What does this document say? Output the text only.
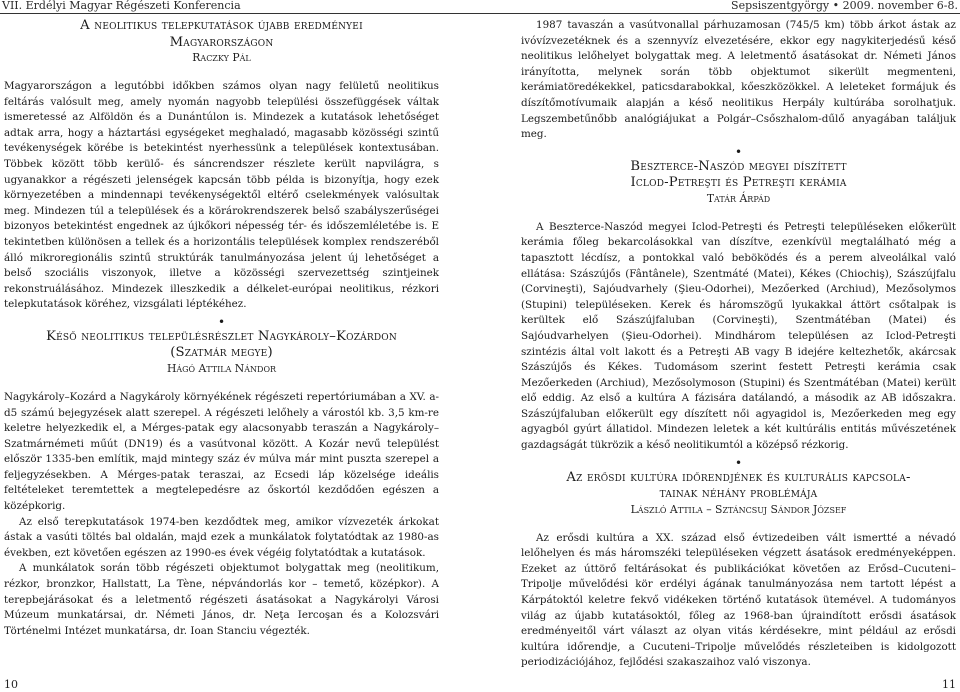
VII. Erdélyi Magyar Régészeti Konferencia	Sepsiszentgyörgy • 2009. november 6-8.
A neolitikus telepkutatások újabb eredményei
Magyarországon
Raczky Pál

Magyarországon a legutóbbi időkben számos olyan nagy felületű neolitikus feltárás valósult meg, amely nyomán nagyobb települési összefüggések váltak ismeretessé az Alföldön és a Dunántúlon is. Mindezek a kutatások lehetőséget adtak arra, hogy a háztartási egységeket meghaladó, magasabb közösségi szintű tevékenységek körébe is betekintést nyerhessünk a települések kontextusában. Többek között több kerülő- és sáncrendszer részlete került napvilágra, s ugyanakkor a régészeti jelenségek kapcsán több példa is bizonyítja, hogy ezek környezetében a mindennapi tevékenységektől eltérő cselekmények valósultak meg. Mindezen túl a települések és a körárokrendszerek belső szabályszerűségei bizonyos betekintést engednek az újkőkori népesség tér- és időszemléletébe is. E tekintetben különösen a tellek és a horizontális települések komplex rendszeréből álló mikroregionális szintű struktúrák tanulmányozása jelent új lehetőséget a belső szociális viszonyok, illetve a közösségi szervezettség szintjeinek rekonstruálásához. Mindezek illeszkedik a délkelet-európai neolitikus, rézkori telepkutatások köréhez, vizsgálati léptékéhez.

•
Késő neolitikus településrészlet Nagykároly–Kozárdon
(Szatmár megye)
Hágó Attila Nándor

Nagykároly–Kozárd a Nagykároly környékének régészeti repertóriumában a XV. a-d5 számú bejegyzések alatt szerepel. A régészeti lelőhely a várostól kb. 3,5 km-re keletre helyezkedik el, a Mérges-patak egy alacsonyabb teraszán a Nagykároly–Szatmárnémeti műút (DN19) és a vasútvonal között. A Kozár nevű települést először 1335-ben említik, majd mintegy száz év múlva már mint puszta szerepel a feljegyzésekben. A Mérges-patak teraszai, az Ecsedi láp közelsége ideális feltételeket teremtettek a megtelepedésre az őskortól kezdődően egészen a középkorig.

Az első terepkutatások 1974-ben kezdődtek meg, amikor vízvezeték árkokat ástak a vasúti töltés bal oldalán, majd ezek a munkálatok folytatódtak az 1980-as években, ezt követően egészen az 1990-es évek végéig folytatódtak a kutatások.

A munkálatok során több régészeti objektumot bolygattak meg (neolitikum, rézkor, bronzkor, Hallstatt, La Tène, népvándorlás kor – temető, középkor). A terepbejárásokat és a leletmentő régészeti ásatásokat a Nagykárolyi Városi Múzeum munkatársai, dr. Németi János, dr. Neţa Iercoşan és a Kolozsvári Történelmi Intézet munkatársa, dr. Ioan Stanciu végezték.

1987 tavaszán a vasútvonallal párhuzamosan (745/5 km) több árkot ástak az ivóvízvezetéknek és a szennyvíz elvezetésére, ekkor egy nagykiterjedésű késő neolitikus lelőhelyet bolygattak meg. A leletmentő ásatásokat dr. Németi János irányította, melynek során több objektumot sikerült megmenteni, kerámiatöredékekkel, paticsdarabokkal, kőeszközökkel. A leleteket formájuk és díszítőmotívumaik alapján a késő neolitikus Herpály kultúrába sorolhatjuk. Legszembetűnőbb analógiájukat a Polgár–Csőszhalom-dűlő anyagában találjuk meg.

•
Beszterce-Naszód megyei díszített
Iclod-Petreşti és Petreşti kerámia
Tatár Árpád

A Beszterce-Naszód megyei Iclod-Petreşti és Petreşti településeken előkerült kerámia főleg bekarcolásokkal van díszítve, ezenkívül megtalálható még a tapasztott lécdísz, a pontokkal való beböködés és a perem alveolálkal való ellátása: Szászújős (Fântânele), Szentmáté (Matei), Kékes (Chiochiş), Szászújfalu (Corvineşti), Sajóudvarhely (Şieu-Odorhei), Mezőerked (Archiud), Mezősolymos (Stupini) településeken. Kerek és háromszögű lyukakkal áttört csőtalpak is kerültek elő Szászújfaluban (Corvineşti), Szentmátéban (Matei) és Sajóudvarhelyen (Şieu-Odorhei). Mindhárom településen az Iclod-Petreşti szintézis által volt lakott és a Petreşti AB vagy B idejére keltezhetők, akárcsak Szászújős és Kékes. Tudomásom szerint festett Petreşti kerámia csak Mezőerkeden (Archiud), Mezősolymoson (Stupini) és Szentmátéban (Matei) került elő eddig. Az első a kultúra A fázisára datálandó, a második az AB időszakra. Szászújfaluban előkerült egy díszített női agyagidol is, Mezőerkeden meg egy agyagból gyúrt állatidol. Mindezen leletek a két kultúrális entitás művészetének gazdagságát tükrözik a késő neolitikumtól a középső rézkorig.

•
Az erősdi kultúra időrendjének és kulturális kapcsola-
tainak néhány problémája
László Attila – Sztáncsuj Sándor József

Az erősdi kultúra a XX. század első évtizedeiben vált ismertté a névadó lelőhelyen és más háromszéki településeken végzett ásatások eredményeképpen. Ezeket az úttörő feltárásokat és publikációkat követően az Erősd–Cucuteni–Tripolje művelődési kör erdélyi ágának tanulmányozása nem tartott lépést a Kárpátoktól keletre fekvő vidékeken történő kutatások ütemével. A tudományos világ az újabb kutatásoktól, főleg az 1968-ban újraindított erősdi ásatások eredményeitől várt választ az olyan vitás kérdésekre, mint például az erősdi kultúra időrendje, a Cucuteni–Tripolje művelődés részleteiben is kidolgozott periodizációjához, fejlődési szakaszaihoz való viszonya.

10	11
